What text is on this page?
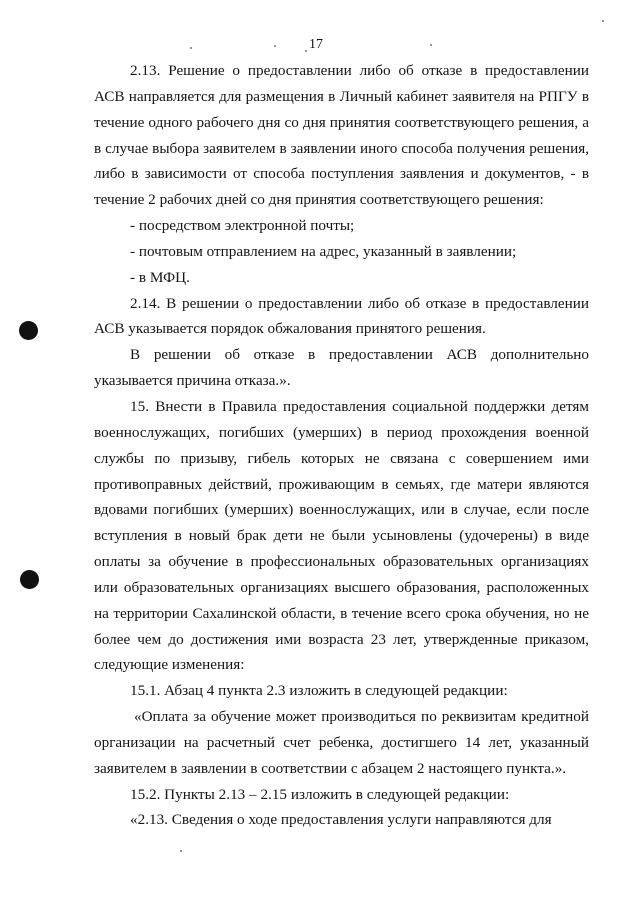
17

2.13. Решение о предоставлении либо об отказе в предоставлении АСВ направляется для размещения в Личный кабинет заявителя на РПГУ в течение одного рабочего дня со дня принятия соответствующего решения, а в случае выбора заявителем в заявлении иного способа получения решения, либо в зависимости от способа поступления заявления и документов, - в течение 2 рабочих дней со дня принятия соответствующего решения:

- посредством электронной почты;

- почтовым отправлением на адрес, указанный в заявлении;

- в МФЦ.

2.14. В решении о предоставлении либо об отказе в предоставлении АСВ указывается порядок обжалования принятого решения.

В решении об отказе в предоставлении АСВ дополнительно указывается причина отказа.».

15. Внести в Правила предоставления социальной поддержки детям военнослужащих, погибших (умерших) в период прохождения военной службы по призыву, гибель которых не связана с совершением ими противоправных действий, проживающим в семьях, где матери являются вдовами погибших (умерших) военнослужащих, или в случае, если после вступления в новый брак дети не были усыновлены (удочерены) в виде оплаты за обучение в профессиональных образовательных организациях или образовательных организациях высшего образования, расположенных на территории Сахалинской области, в течение всего срока обучения, но не более чем до достижения ими возраста 23 лет, утвержденные приказом, следующие изменения:

15.1. Абзац 4 пункта 2.3 изложить в следующей редакции:

«Оплата за обучение может производиться по реквизитам кредитной организации на расчетный счет ребенка, достигшего 14 лет, указанный заявителем в заявлении в соответствии с абзацем 2 настоящего пункта.».

15.2. Пункты 2.13 – 2.15 изложить в следующей редакции:

«2.13. Сведения о ходе предоставления услуги направляются для
